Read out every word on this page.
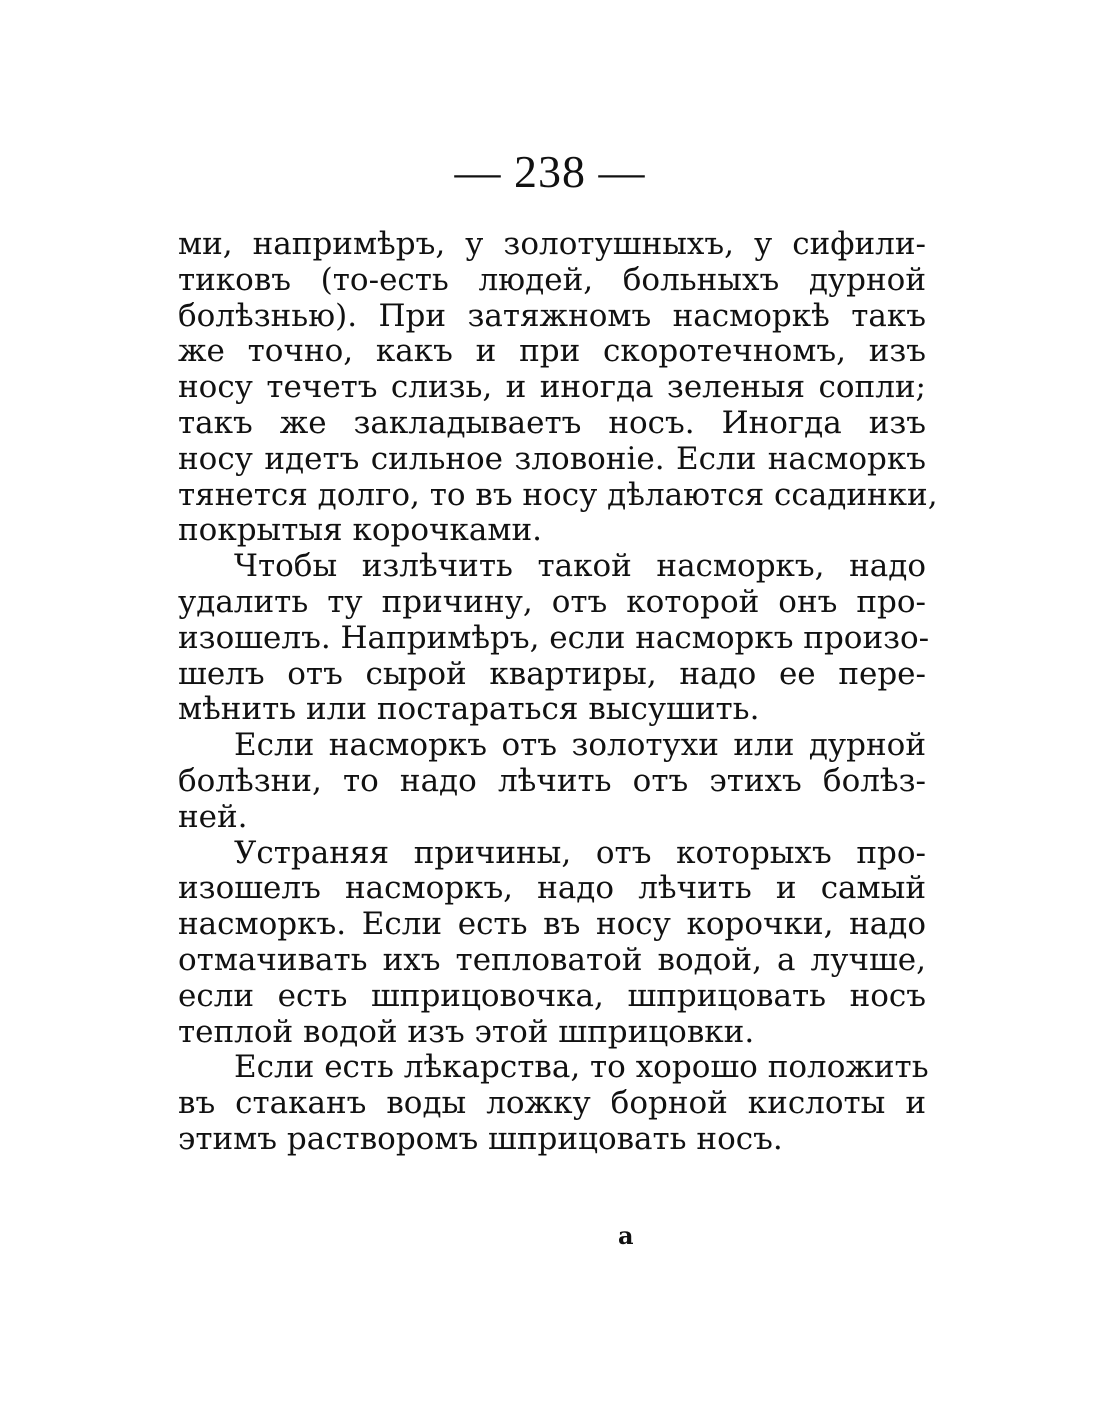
— 238 —
ми, напримѣръ, у золотушныхъ, у сифили-
тиковъ (то-есть людей, больныхъ дурной
болѣзнью). При затяжномъ насморкѣ такъ
же точно, какъ и при скоротечномъ, изъ
носу течетъ слизь, и иногда зеленыя сопли;
такъ же закладываетъ носъ. Иногда изъ
носу идетъ сильное зловоніе. Если насморкъ
тянется долго, то въ носу дѣлаются ссадинки,
покрытыя корочками.
Чтобы излѣчить такой насморкъ, надо
удалить ту причину, отъ которой онъ про-
изошелъ. Напримѣръ, если насморкъ произо-
шелъ отъ сырой квартиры, надо ее пере-
мѣнить или постараться высушить.
Если насморкъ отъ золотухи или дурной
болѣзни, то надо лѣчить отъ этихъ болѣз-
ней.
Устраняя причины, отъ которыхъ про-
изошелъ насморкъ, надо лѣчить и самый
насморкъ. Если есть въ носу корочки, надо
отмачивать ихъ тепловатой водой, а лучше,
если есть шприцовочка, шприцовать носъ
теплой водой изъ этой шприцовки.
Если есть лѣкарства, то хорошо положить
въ стаканъ воды ложку борной кислоты и
этимъ растворомъ шприцовать носъ.
a
